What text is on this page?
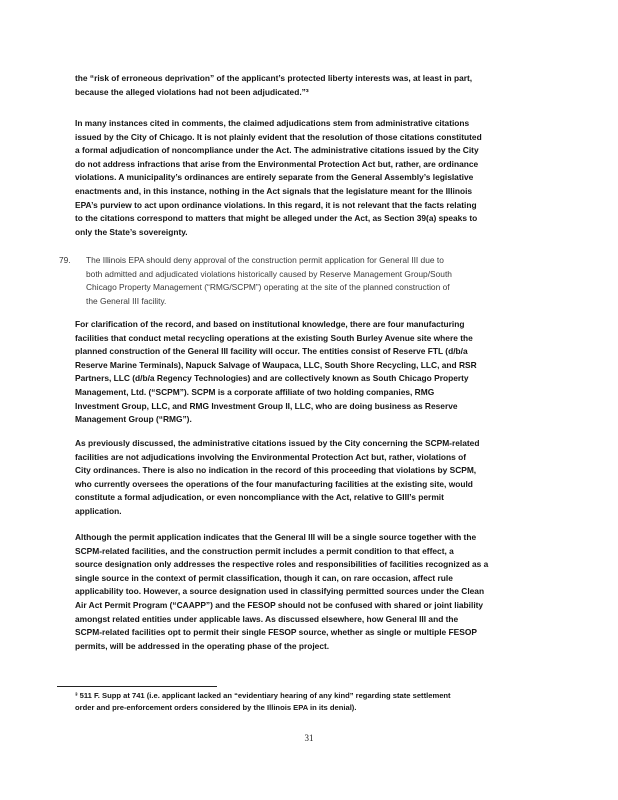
the “risk of erroneous deprivation” of the applicant’s protected liberty interests was, at least in part,
because the alleged violations had not been adjudicated.”³
In many instances cited in comments, the claimed adjudications stem from administrative citations
issued by the City of Chicago. It is not plainly evident that the resolution of those citations constituted
a formal adjudication of noncompliance under the Act. The administrative citations issued by the City
do not address infractions that arise from the Environmental Protection Act but, rather, are ordinance
violations. A municipality’s ordinances are entirely separate from the General Assembly’s legislative
enactments and, in this instance, nothing in the Act signals that the legislature meant for the Illinois
EPA’s purview to act upon ordinance violations. In this regard, it is not relevant that the facts relating
to the citations correspond to matters that might be alleged under the Act, as Section 39(a) speaks to
only the State’s sovereignty.
79. The Illinois EPA should deny approval of the construction permit application for General III due to
both admitted and adjudicated violations historically caused by Reserve Management Group/South
Chicago Property Management (“RMG/SCPM”) operating at the site of the planned construction of
the General III facility.
For clarification of the record, and based on institutional knowledge, there are four manufacturing
facilities that conduct metal recycling operations at the existing South Burley Avenue site where the
planned construction of the General III facility will occur. The entities consist of Reserve FTL (d/b/a
Reserve Marine Terminals), Napuck Salvage of Waupaca, LLC, South Shore Recycling, LLC, and RSR
Partners, LLC (d/b/a Regency Technologies) and are collectively known as South Chicago Property
Management, Ltd. (“SCPM”). SCPM is a corporate affiliate of two holding companies, RMG
Investment Group, LLC, and RMG Investment Group II, LLC, who are doing business as Reserve
Management Group (“RMG”).
As previously discussed, the administrative citations issued by the City concerning the SCPM-related
facilities are not adjudications involving the Environmental Protection Act but, rather, violations of
City ordinances. There is also no indication in the record of this proceeding that violations by SCPM,
who currently oversees the operations of the four manufacturing facilities at the existing site, would
constitute a formal adjudication, or even noncompliance with the Act, relative to GIII’s permit
application.
Although the permit application indicates that the General III will be a single source together with the
SCPM-related facilities, and the construction permit includes a permit condition to that effect, a
source designation only addresses the respective roles and responsibilities of facilities recognized as a
single source in the context of permit classification, though it can, on rare occasion, affect rule
applicability too. However, a source designation used in classifying permitted sources under the Clean
Air Act Permit Program (“CAAPP”) and the FESOP should not be confused with shared or joint liability
amongst related entities under applicable laws. As discussed elsewhere, how General III and the
SCPM-related facilities opt to permit their single FESOP source, whether as single or multiple FESOP
permits, will be addressed in the operating phase of the project.
³ 511 F. Supp at 741 (i.e. applicant lacked an “evidentiary hearing of any kind” regarding state settlement
order and pre-enforcement orders considered by the Illinois EPA in its denial).
31
